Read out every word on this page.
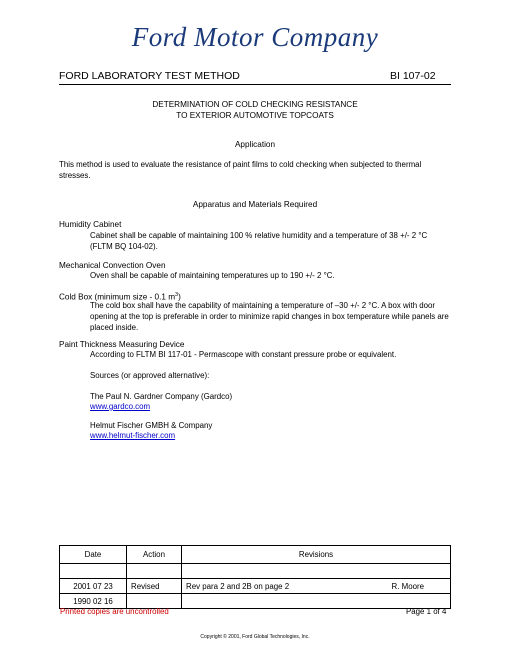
Ford Motor Company
FORD LABORATORY TEST METHOD	BI 107-02
DETERMINATION OF COLD CHECKING RESISTANCE
TO EXTERIOR AUTOMOTIVE TOPCOATS
Application
This method is used to evaluate the resistance of paint films to cold checking when subjected to thermal stresses.
Apparatus and Materials Required
Humidity Cabinet
Cabinet shall be capable of maintaining 100 % relative humidity and a temperature of 38 +/- 2 °C (FLTM BQ 104-02).
Mechanical Convection Oven
Oven shall be capable of maintaining temperatures up to 190 +/- 2 °C.
Cold Box (minimum size - 0.1 $m^3$)
The cold box shall have the capability of maintaining a temperature of –30 +/- 2 °C. A box with door opening at the top is preferable in order to minimize rapid changes in box temperature while panels are placed inside.
Paint Thickness Measuring Device
According to FLTM BI 117-01 - Permascope with constant pressure probe or equivalent.
Sources (or approved alternative):
The Paul N. Gardner Company (Gardco)
www.gardco.com
Helmut Fischer GMBH & Company
www.helmut-fischer.com
Date	Action	Revisions

2001 07 23	Revised	Rev para 2 and 2B on page 2 R. Moore

1990 02 16		
Printed copies are uncontrolled	Page 1 of 4
Copyright © 2001, Ford Global Technologies, Inc.
